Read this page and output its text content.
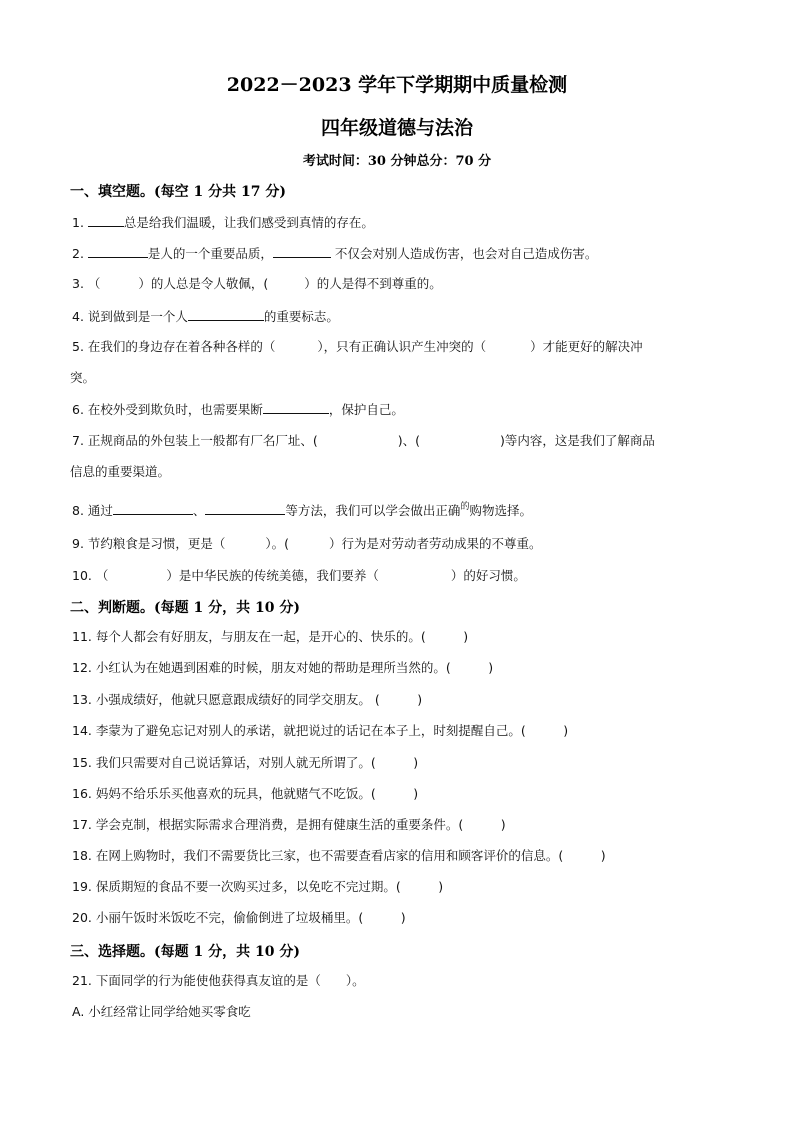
2022－2023 学年下学期期中质量检测
四年级道德与法治
考试时间：30 分钟总分：70 分
一、填空题。(每空 1 分共 17 分)
1.	总是给我们温暖，让我们感受到真情的存在。
2.	是人的一个重要品质，	不仅会对别人造成伤害，也会对自己造成伤害。
3. （	）的人总是令人敬佩，(	）的人是得不到尊重的。
4. 说到做到是一个人	的重要标志。
5. 在我们的身边存在着各种各样的（	），只有正确认识产生冲突的（	）才能更好的解决冲
突。
6. 在校外受到欺负时，也需要果断	，保护自己。
7. 正规商品的外包装上一般都有厂名厂址、(	)、(	)等内容，这是我们了解商品
信息的重要渠道。
8. 通过	、	等方法，我们可以学会做出正确$^的$购物选择。
9. 节约粮食是习惯，更是（	）。(	）行为是对劳动者劳动成果的不尊重。
10. （	）是中华民族的传统美德，我们要养（	）的好习惯。
二、判断题。(每题 1 分，共 10 分)
11. 每个人都会有好朋友，与朋友在一起，是开心的、快乐的。(　　　)
12. 小红认为在她遇到困难的时候，朋友对她的帮助是理所当然的。(　　　)
13. 小强成绩好，他就只愿意跟成绩好的同学交朋友。 (　　　)
14. 李蒙为了避免忘记对别人的承诺，就把说过的话记在本子上，时刻提醒自己。(　　　)
15. 我们只需要对自己说话算话，对别人就无所谓了。(　　　)
16. 妈妈不给乐乐买他喜欢的玩具，他就赌气不吃饭。(　　　)
17. 学会克制，根据实际需求合理消费，是拥有健康生活的重要条件。(　　　)
18. 在网上购物时，我们不需要货比三家，也不需要查看店家的信用和顾客评价的信息。(　　　)
19. 保质期短的食品不要一次购买过多，以免吃不完过期。(　　　)
20. 小丽午饭时米饭吃不完，偷偷倒进了垃圾桶里。(　　　)
三、选择题。(每题 1 分，共 10 分)
21. 下面同学的行为能使他获得真友谊的是（　　）。
A. 小红经常让同学给她买零食吃
